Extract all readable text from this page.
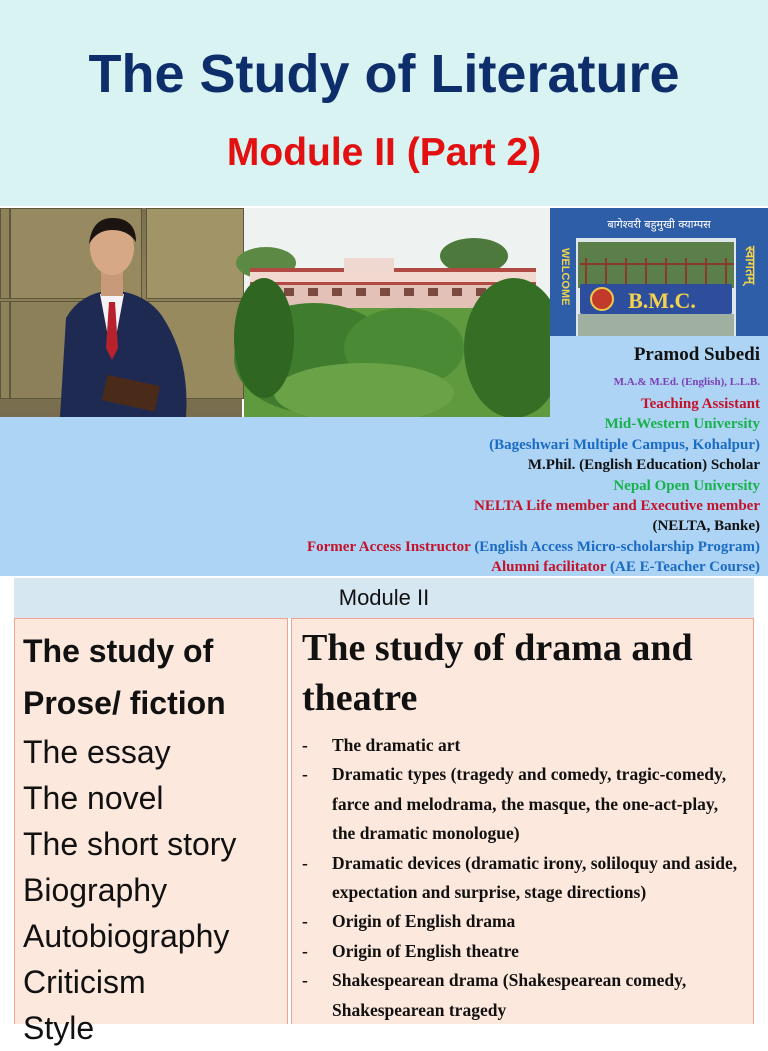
The Study of Literature
Module II (Part 2)
बागेश्वरी बहुमुखी क्याम्पस
B.M.C.
WELCOME	स्वागतम्
Pramod Subedi
M.A.& M.Ed. (English), L.L.B.
Teaching Assistant
Mid-Western University
(Bageshwari Multiple Campus, Kohalpur)
M.Phil. (English Education) Scholar
Nepal Open University
NELTA Life member and Executive member
(NELTA, Banke)
Former Access Instructor (English Access Micro-scholarship Program)
Alumni facilitator (AE E-Teacher Course)
Module II
The study of
Prose/ fiction
The essay
The novel
The short story
Biography
Autobiography
Criticism
Style
The study of drama and theatre
- The dramatic art
- Dramatic types (tragedy and comedy, tragic-comedy, farce and melodrama, the masque, the one-act-play, the dramatic monologue)
- Dramatic devices (dramatic irony, soliloquy and aside, expectation and surprise, stage directions)
- Origin of English drama
- Origin of English theatre
- Shakespearean drama (Shakespearean comedy, Shakespearean tragedy
